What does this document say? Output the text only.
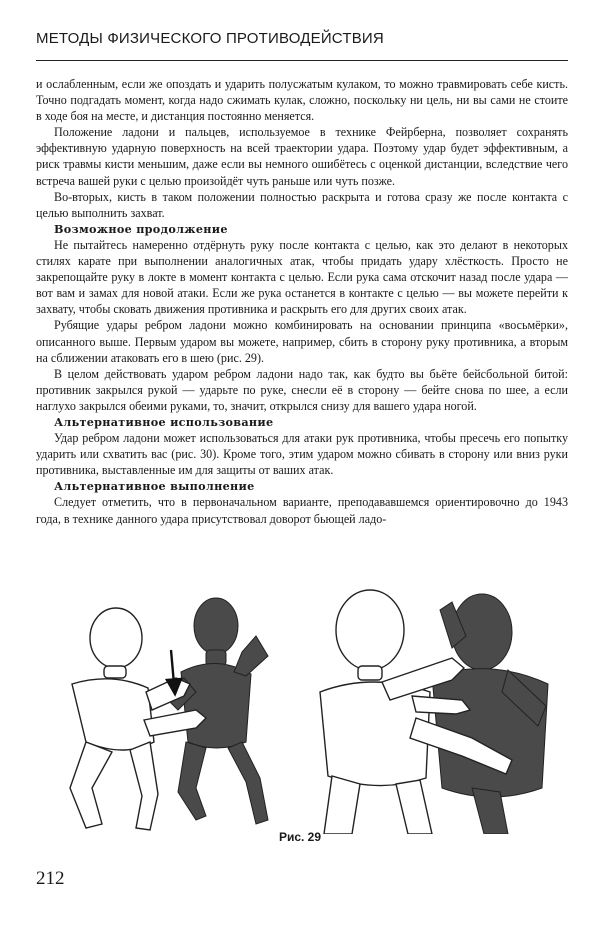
МЕТОДЫ ФИЗИЧЕСКОГО ПРОТИВОДЕЙСТВИЯ

и ослабленным, если же опоздать и ударить полусжатым кулаком, то можно травмировать себе кисть. Точно подгадать момент, когда надо сжимать кулак, сложно, поскольку ни цель, ни вы сами не стоите в ходе боя на месте, и дистанция постоянно меняется.

Положение ладони и пальцев, используемое в технике Фейрберна, позволяет сохранять эффективную ударную поверхность на всей траектории удара. Поэтому удар будет эффективным, а риск травмы кисти меньшим, даже если вы немного ошибётесь с оценкой дистанции, вследствие чего встреча вашей руки с целью произойдёт чуть раньше или чуть позже.

Во-вторых, кисть в таком положении полностью раскрыта и готова сразу же после контакта с целью выполнить захват.

Возможное продолжение

Не пытайтесь намеренно отдёрнуть руку после контакта с целью, как это делают в некоторых стилях карате при выполнении аналогичных атак, чтобы придать удару хлёсткость. Просто не закрепощайте руку в локте в момент контакта с целью. Если рука сама отскочит назад после удара — вот вам и замах для новой атаки. Если же рука останется в контакте с целью — вы можете перейти к захвату, чтобы сковать движения противника и раскрыть его для других своих атак.

Рубящие удары ребром ладони можно комбинировать на основании принципа «восьмёрки», описанного выше. Первым ударом вы можете, например, сбить в сторону руку противника, а вторым на сближении атаковать его в шею (рис. 29).

В целом действовать ударом ребром ладони надо так, как будто вы бьёте бейсбольной битой: противник закрылся рукой — ударьте по руке, снесли её в сторону — бейте снова по шее, а если наглухо закрылся обеими руками, то, значит, открылся снизу для вашего удара ногой.

Альтернативное использование

Удар ребром ладони может использоваться для атаки рук противника, чтобы пресечь его попытку ударить или схватить вас (рис. 30). Кроме того, этим ударом можно сбивать в сторону или вниз руки противника, выставленные им для защиты от ваших атак.

Альтернативное выполнение

Следует отметить, что в первоначальном варианте, преподававшемся ориентировочно до 1943 года, в технике данного удара присутствовал доворот бьющей ладо-

Рис. 29
212
